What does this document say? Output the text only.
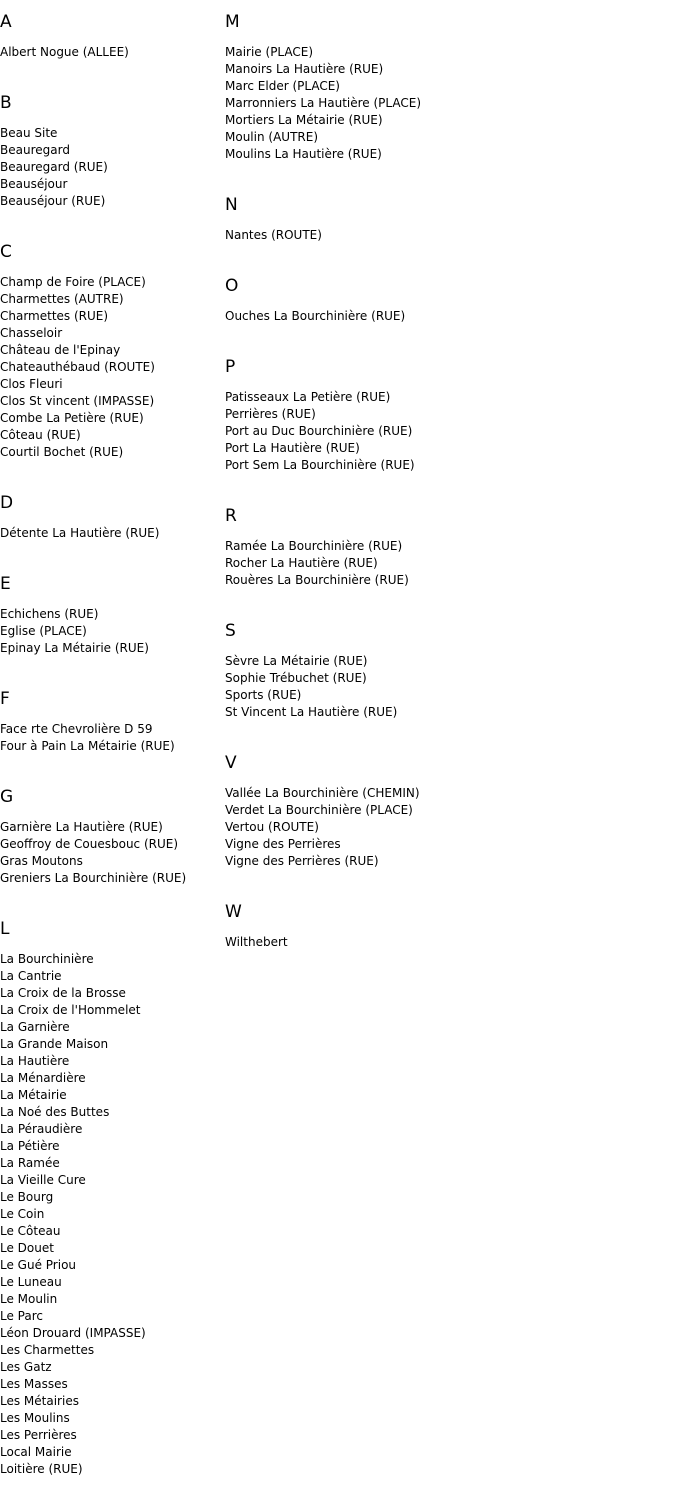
A
Albert Nogue (ALLEE)
B
Beau Site
Beauregard
Beauregard (RUE)
Beauséjour
Beauséjour (RUE)
C
Champ de Foire (PLACE)
Charmettes (AUTRE)
Charmettes (RUE)
Chasseloir
Château de l'Epinay
Chateauthébaud (ROUTE)
Clos Fleuri
Clos St vincent (IMPASSE)
Combe La Petière (RUE)
Côteau (RUE)
Courtil Bochet (RUE)
D
Détente La Hautière (RUE)
E
Echichens (RUE)
Eglise (PLACE)
Epinay La Métairie (RUE)
F
Face rte Chevrolière D 59
Four à Pain La Métairie (RUE)
G
Garnière La Hautière (RUE)
Geoffroy de Couesbouc (RUE)
Gras Moutons
Greniers La Bourchinière (RUE)
L
La Bourchinière
La Cantrie
La Croix de la Brosse
La Croix de l'Hommelet
La Garnière
La Grande Maison
La Hautière
La Ménardière
La Métairie
La Noé des Buttes
La Péraudière
La Pétière
La Ramée
La Vieille Cure
Le Bourg
Le Coin
Le Côteau
Le Douet
Le Gué Priou
Le Luneau
Le Moulin
Le Parc
Léon Drouard (IMPASSE)
Les Charmettes
Les Gatz
Les Masses
Les Métairies
Les Moulins
Les Perrières
Local Mairie
Loitière (RUE)
M
Mairie (PLACE)
Manoirs La Hautière (RUE)
Marc Elder (PLACE)
Marronniers La Hautière (PLACE)
Mortiers La Métairie (RUE)
Moulin (AUTRE)
Moulins La Hautière (RUE)
N
Nantes (ROUTE)
O
Ouches La Bourchinière (RUE)
P
Patisseaux La Petière (RUE)
Perrières (RUE)
Port au Duc Bourchinière (RUE)
Port La Hautière (RUE)
Port Sem La Bourchinière (RUE)
R
Ramée La Bourchinière (RUE)
Rocher La Hautière (RUE)
Rouères La Bourchinière (RUE)
S
Sèvre La Métairie (RUE)
Sophie Trébuchet (RUE)
Sports (RUE)
St Vincent La Hautière (RUE)
V
Vallée La Bourchinière (CHEMIN)
Verdet La Bourchinière (PLACE)
Vertou (ROUTE)
Vigne des Perrières
Vigne des Perrières (RUE)
W
Wilthebert
